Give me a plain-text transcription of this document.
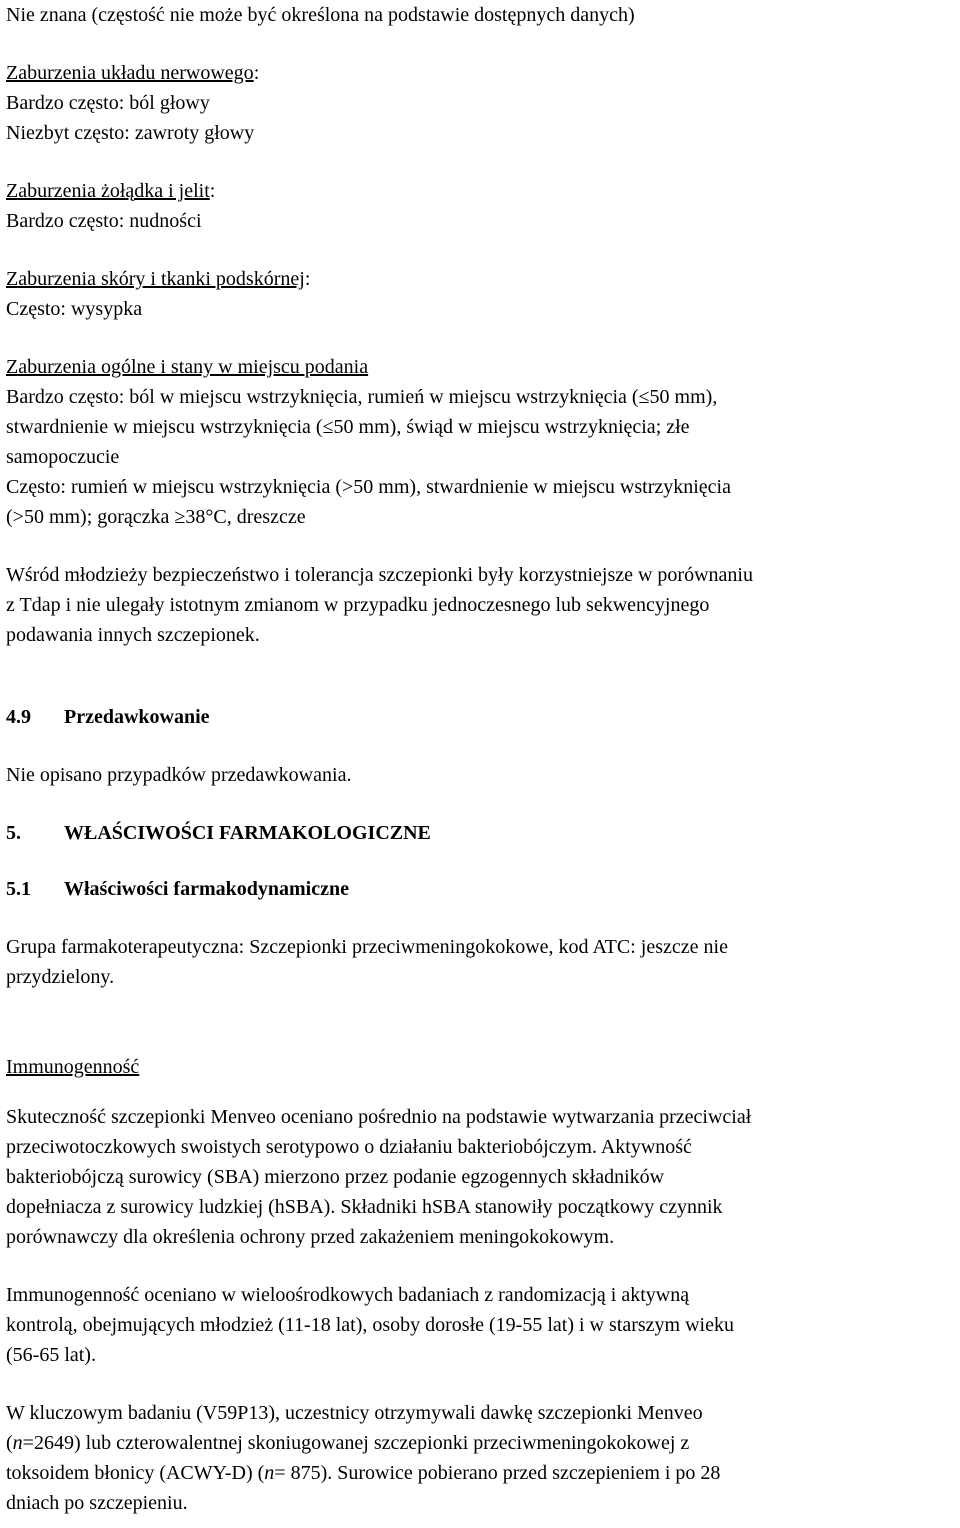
Nie znana (częstość nie może być określona na podstawie dostępnych danych)

Zaburzenia układu nerwowego:

Bardzo często: ból głowy

Niezbyt często: zawroty głowy

Zaburzenia żołądka i jelit:

Bardzo często: nudności

Zaburzenia skóry i tkanki podskórnej:

Często: wysypka

Zaburzenia ogólne i stany w miejscu podania

Bardzo często: ból w miejscu wstrzyknięcia, rumień w miejscu wstrzyknięcia (≤50 mm),

stwardnienie w miejscu wstrzyknięcia (≤50 mm), świąd w miejscu wstrzyknięcia; złe

samopoczucie

Często: rumień w miejscu wstrzyknięcia (>50 mm), stwardnienie w miejscu wstrzyknięcia

(>50 mm); gorączka ≥38°C, dreszcze

Wśród młodzieży bezpieczeństwo i tolerancja szczepionki były korzystniejsze w porównaniu

z Tdap i nie ulegały istotnym zmianom w przypadku jednoczesnego lub sekwencyjnego

podawania innych szczepionek.

4.9 Przedawkowanie

Nie opisano przypadków przedawkowania.

5. WŁAŚCIWOŚCI FARMAKOLOGICZNE

5.1 Właściwości farmakodynamiczne

Grupa farmakoterapeutyczna: Szczepionki przeciwmeningokokowe, kod ATC: jeszcze nie

przydzielony.

Immunogenność

Skuteczność szczepionki Menveo oceniano pośrednio na podstawie wytwarzania przeciwciał

przeciwotoczkowych swoistych serotypowo o działaniu bakteriobójczym. Aktywność

bakteriobójczą surowicy (SBA) mierzono przez podanie egzogennych składników

dopełniacza z surowicy ludzkiej (hSBA). Składniki hSBA stanowiły początkowy czynnik

porównawczy dla określenia ochrony przed zakażeniem meningokokowym.

Immunogenność oceniano w wieloośrodkowych badaniach z randomizacją i aktywną

kontrolą, obejmujących młodzież (11-18 lat), osoby dorosłe (19-55 lat) i w starszym wieku

(56-65 lat).

W kluczowym badaniu (V59P13), uczestnicy otrzymywali dawkę szczepionki Menveo

(n=2649) lub czterowalentnej skoniugowanej szczepionki przeciwmeningokokowej z

toksoidem błonicy (ACWY-D) (n= 875). Surowice pobierano przed szczepieniem i po 28

dniach po szczepieniu.
